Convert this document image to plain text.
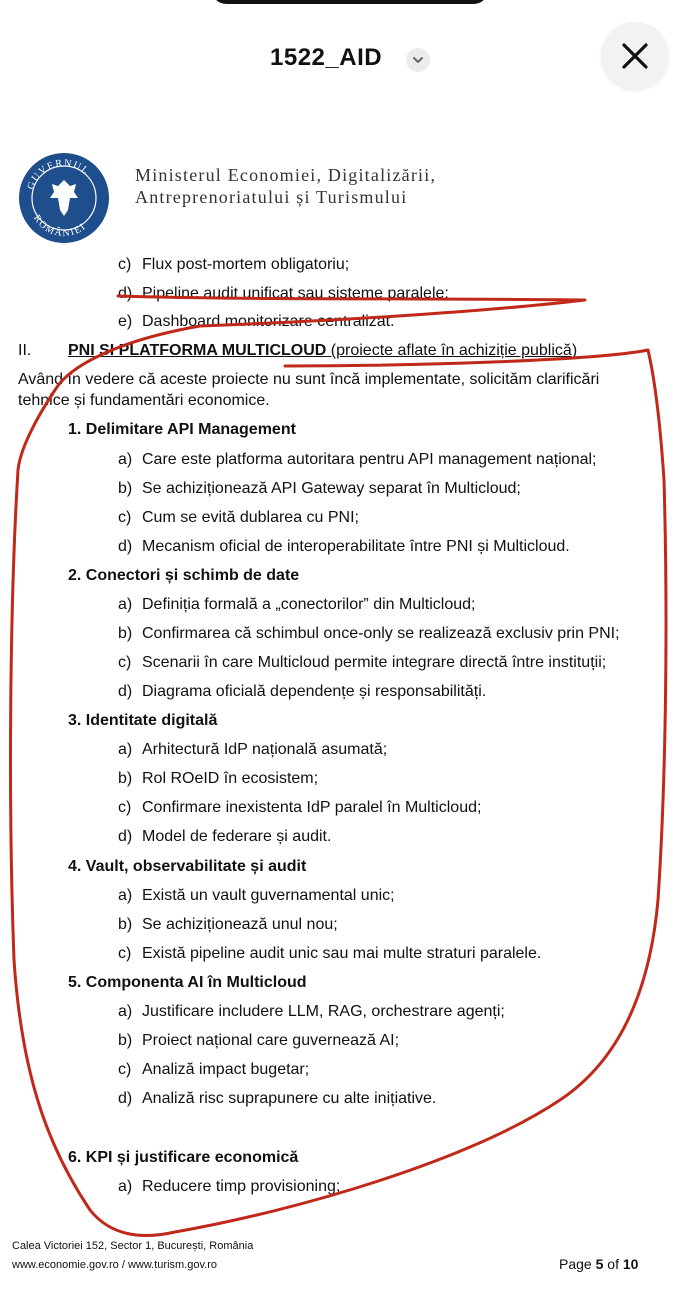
1522_AID
GUVERNUL
ROMÂNIEI
Ministerul Economiei, Digitalizării,
Antreprenoriatului și Turismului
c) Flux post-mortem obligatoriu;
d) Pipeline audit unificat sau sisteme paralele;
e) Dashboard monitorizare centralizat.
II. PNI SI PLATFORMA MULTICLOUD (proiecte aflate în achiziție publică)
Având în vedere că aceste proiecte nu sunt încă implementate, solicităm clarificări
tehnice și fundamentări economice.
1. Delimitare API Management
a) Care este platforma autoritara pentru API management național;
b) Se achiziționează API Gateway separat în Multicloud;
c) Cum se evită dublarea cu PNI;
d) Mecanism oficial de interoperabilitate între PNI și Multicloud.
2. Conectori și schimb de date
a) Definiția formală a „conectorilor” din Multicloud;
b) Confirmarea că schimbul once-only se realizează exclusiv prin PNI;
c) Scenarii în care Multicloud permite integrare directă între instituții;
d) Diagrama oficială dependențe și responsabilități.
3. Identitate digitală
a) Arhitectură IdP națională asumată;
b) Rol ROeID în ecosistem;
c) Confirmare inexistenta IdP paralel în Multicloud;
d) Model de federare și audit.
4. Vault, observabilitate și audit
a) Există un vault guvernamental unic;
b) Se achiziționează unul nou;
c) Există pipeline audit unic sau mai multe straturi paralele.
5. Componenta AI în Multicloud
a) Justificare includere LLM, RAG, orchestrare agenți;
b) Proiect național care guvernează AI;
c) Analiză impact bugetar;
d) Analiză risc suprapunere cu alte inițiative.
6. KPI și justificare economică
a) Reducere timp provisioning;
Calea Victoriei 152, Sector 1, București, România
www.economie.gov.ro / www.turism.gov.ro	Page 5 of 10
